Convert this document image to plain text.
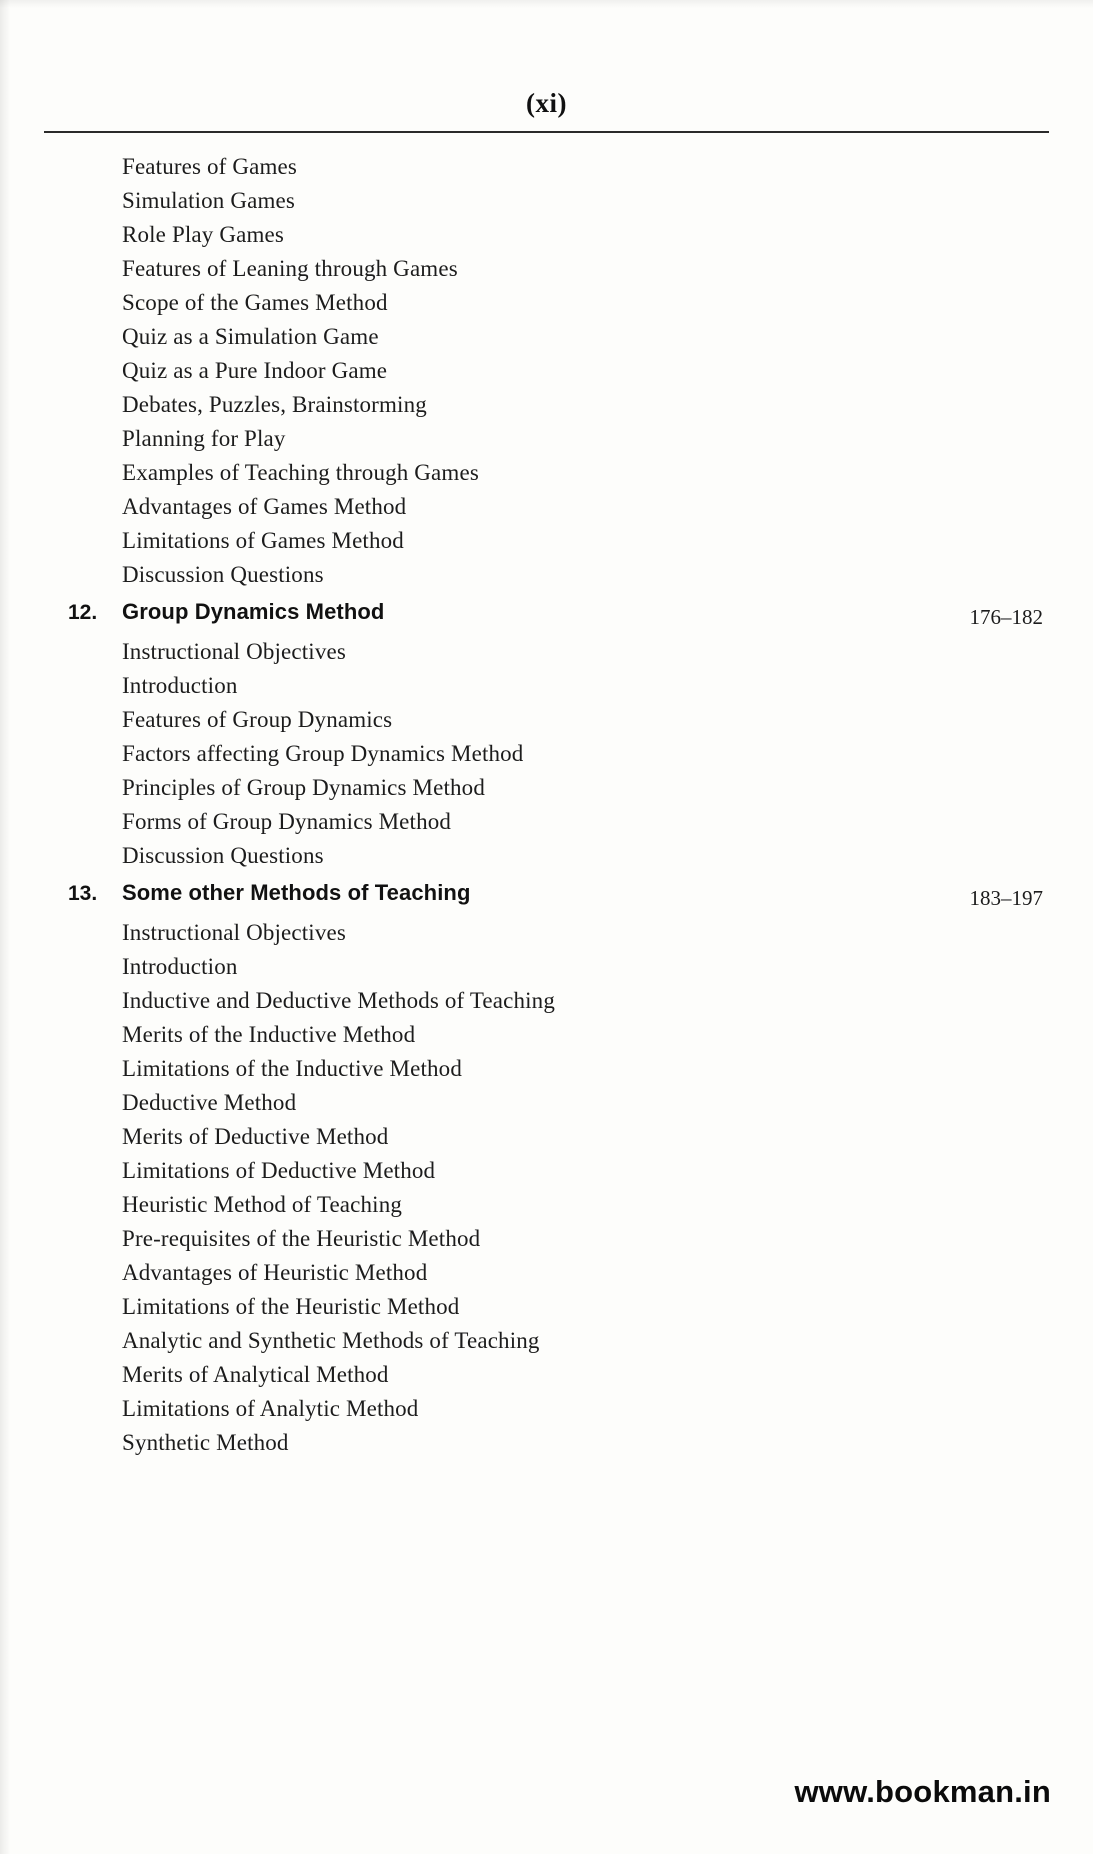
(xi)
Features of Games
Simulation Games
Role Play Games
Features of Leaning through Games
Scope of the Games Method
Quiz as a Simulation Game
Quiz as a Pure Indoor Game
Debates, Puzzles, Brainstorming
Planning for Play
Examples of Teaching through Games
Advantages of Games Method
Limitations of Games Method
Discussion Questions
12.	Group Dynamics Method	176–182
Instructional Objectives
Introduction
Features of Group Dynamics
Factors affecting Group Dynamics Method
Principles of Group Dynamics Method
Forms of Group Dynamics Method
Discussion Questions
13.	Some other Methods of Teaching	183–197
Instructional Objectives
Introduction
Inductive and Deductive Methods of Teaching
Merits of the Inductive Method
Limitations of the Inductive Method
Deductive Method
Merits of Deductive Method
Limitations of Deductive Method
Heuristic Method of Teaching
Pre-requisites of the Heuristic Method
Advantages of Heuristic Method
Limitations of the Heuristic Method
Analytic and Synthetic Methods of Teaching
Merits of Analytical Method
Limitations of Analytic Method
Synthetic Method
www.bookman.in
